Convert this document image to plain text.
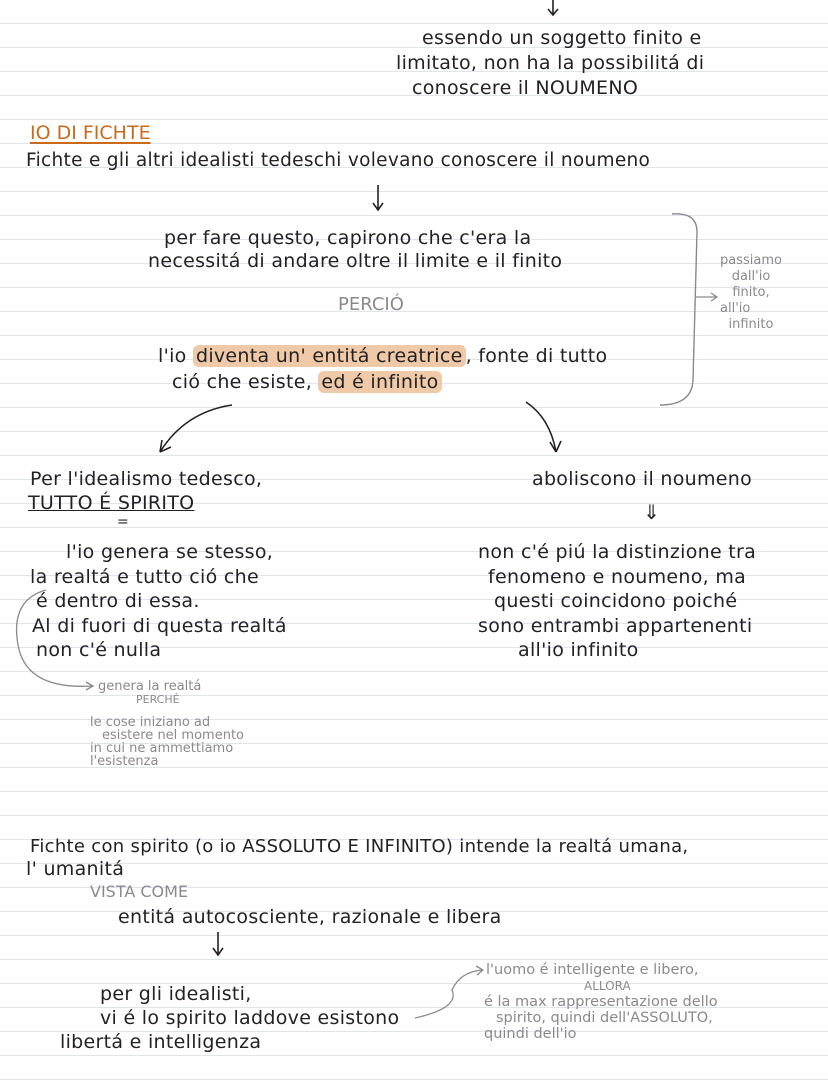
essendo un soggetto finito e
limitato, non ha la possibilitá di
conoscere il NOUMENO
IO DI FICHTE
Fichte e gli altri idealisti tedeschi volevano conoscere il noumeno
per fare questo, capirono che c'era la
necessitá di andare oltre il limite e il finito
PERCIÓ
l'io diventa un' entitá creatrice , fonte di tutto
ció che esiste, ed é infinito
passiamo
dall'io
finito,
all'io
infinito
Per l'idealismo tedesco,
TUTTO É SPIRITO
=
l'io genera se stesso,
la realtá e tutto ció che
é dentro di essa.
Al di fuori di questa realtá
non c'é nulla
genera la realtá
PERCHÉ
le cose iniziano ad
esistere nel momento
in cui ne ammettiamo
l'esistenza
aboliscono il noumeno
⇓
non c'é piú la distinzione tra
fenomeno e noumeno, ma
questi coincidono poiché
sono entrambi appartenenti
all'io infinito
Fichte con spirito (o io ASSOLUTO E INFINITO) intende la realtá umana,
l' umanitá
VISTA COME
entitá autocosciente, razionale e libera
per gli idealisti,
vi é lo spirito laddove esistono
libertá e intelligenza
l'uomo é intelligente e libero,
ALLORA
é la max rappresentazione dello
spirito, quindi dell'ASSOLUTO,
quindi dell'io
